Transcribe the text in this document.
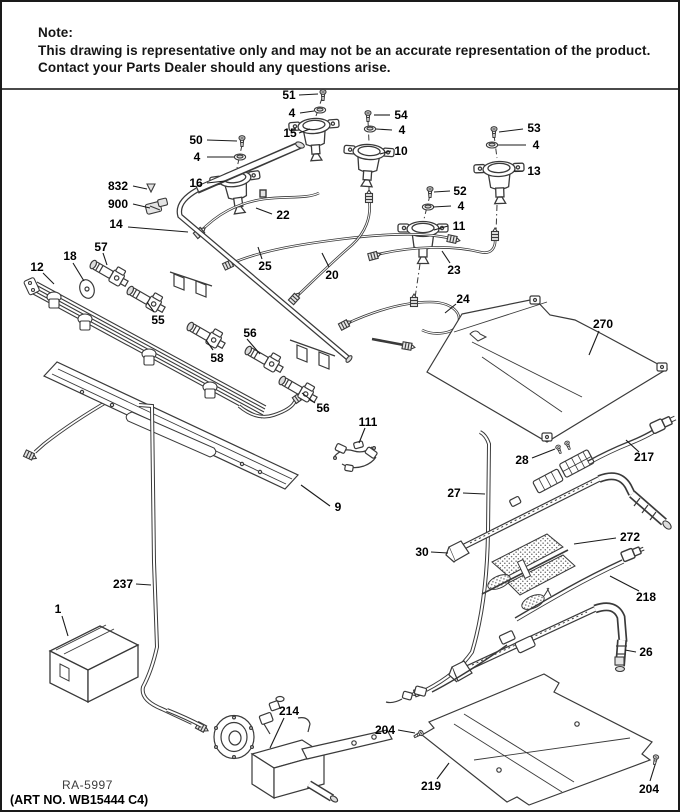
Note:
This drawing is representative only and may not be an accurate representation of the product.
Contact your Parts Dealer should any questions arise.
51
4	54
15	4
10
53
4
50
4
13
16
832
900
52
4
14
22
11
57
18
25
20
12	23
24
270
55
56
58
56
111
9
28	217
27
30
272
218
237
26
1
214
204
204
219
RA-5997
(ART NO. WB15444 C4)
